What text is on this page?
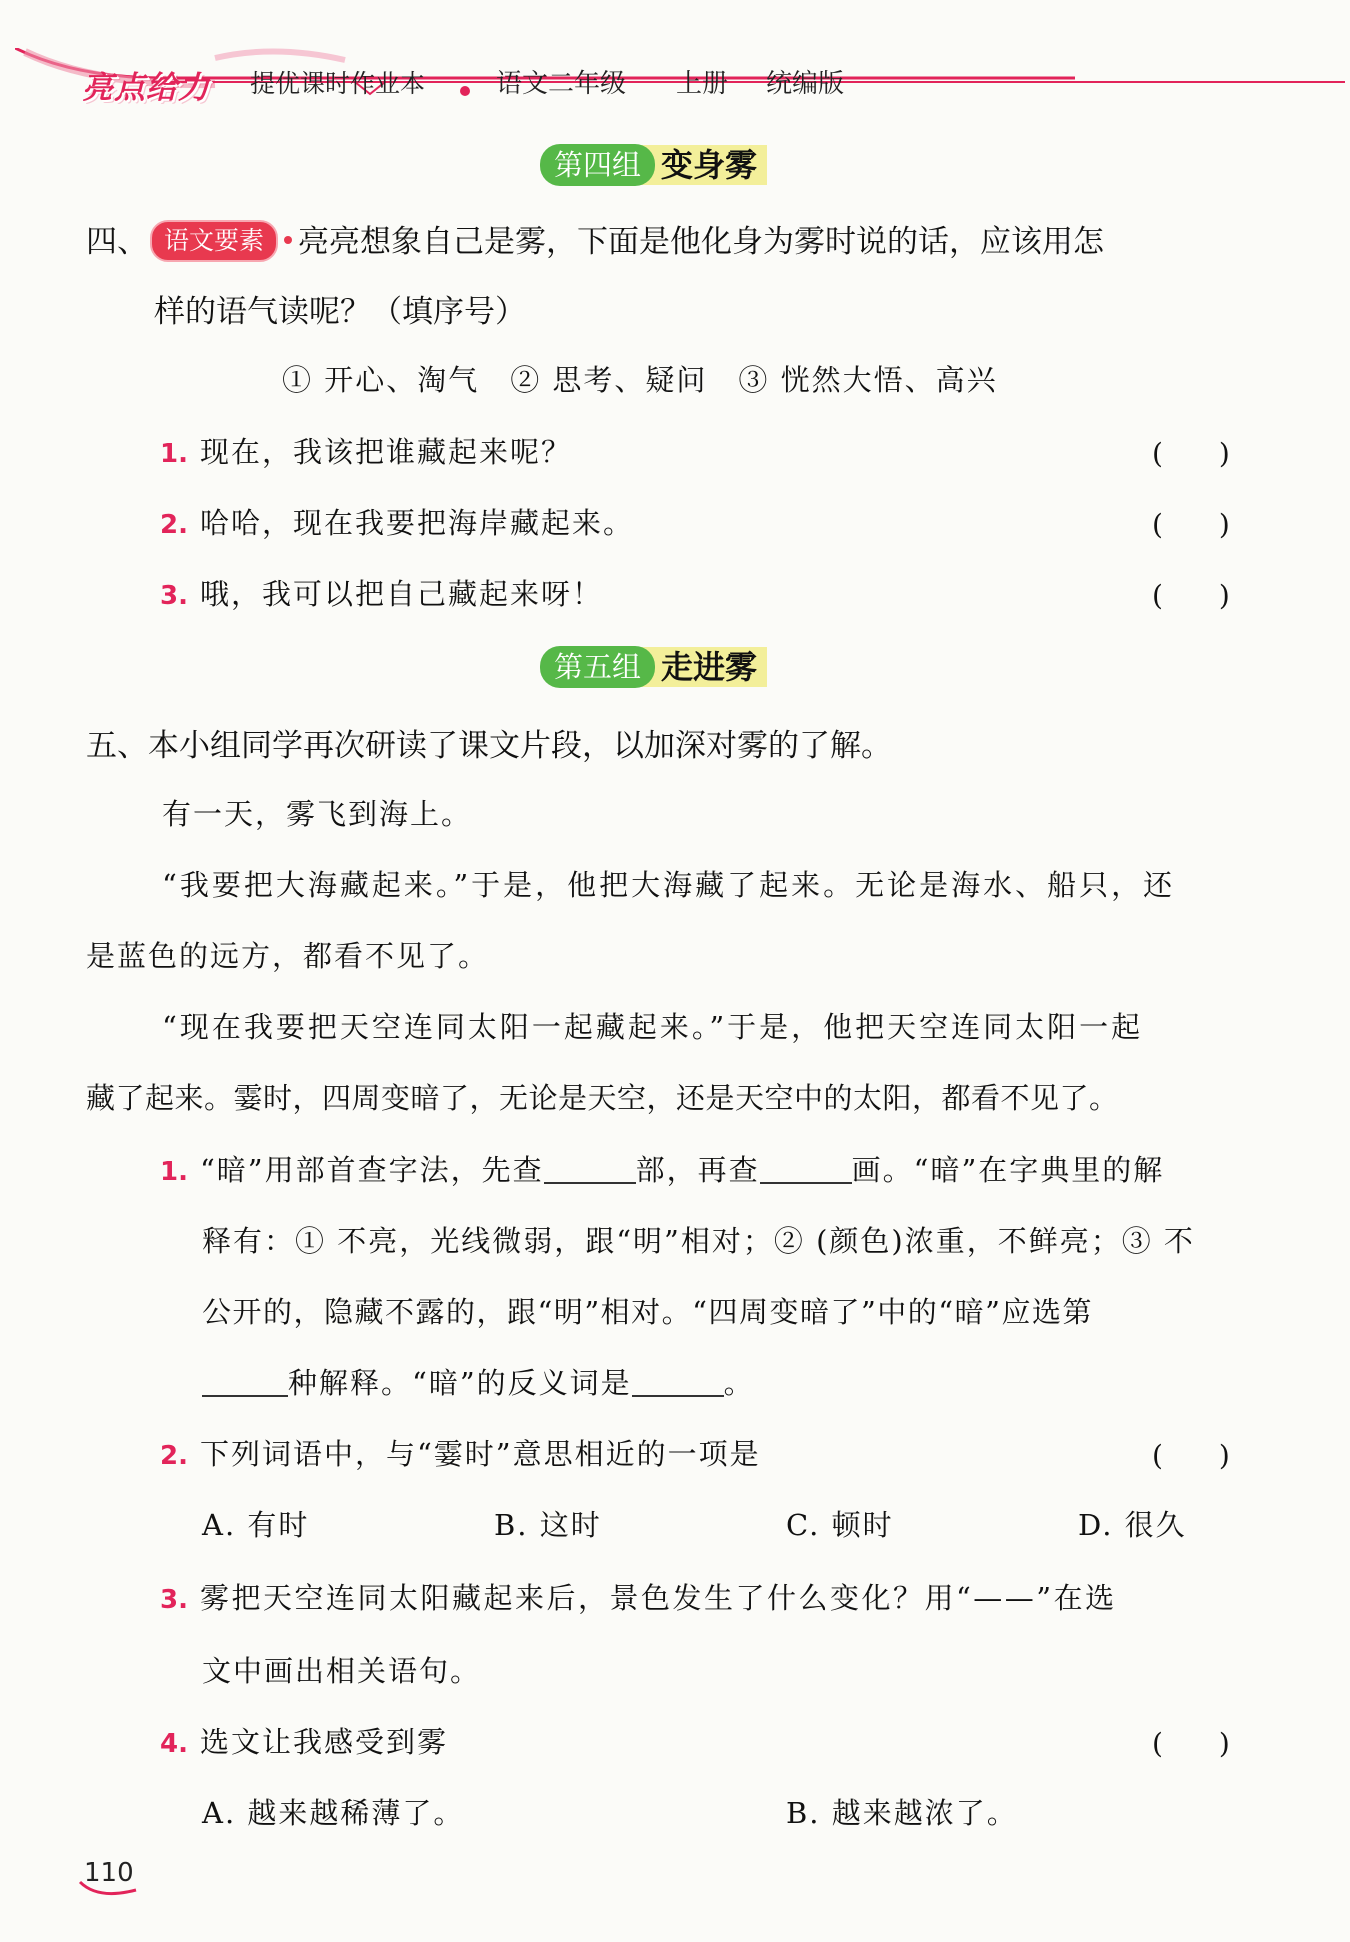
亮点给力 提优课时作业本	语文二年级 上册 统编版
第四组 变身雾
四、 语文要素 亮亮想象自己是雾，下面是他化身为雾时说的话，应该用怎
样的语气读呢？（填序号）
① 开心、淘气　② 思考、疑问　③ 恍然大悟、高兴
1. 现在，我该把谁藏起来呢？	(　　)
2. 哈哈，现在我要把海岸藏起来。	(　　)
3. 哦，我可以把自己藏起来呀！	(　　)
第五组 走进雾
五、本小组同学再次研读了课文片段，以加深对雾的了解。
有一天，雾飞到海上。
“我要把大海藏起来。”于是，他把大海藏了起来。无论是海水、船只，还
是蓝色的远方，都看不见了。
“现在我要把天空连同太阳一起藏起来。”于是，他把天空连同太阳一起
藏了起来。霎时，四周变暗了，无论是天空，还是天空中的太阳，都看不见了。
1. “暗”用部首查字法，先查	部，再查	画。“暗”在字典里的解
释有：① 不亮，光线微弱，跟“明”相对；② (颜色)浓重，不鲜亮；③ 不
公开的，隐藏不露的，跟“明”相对。“四周变暗了”中的“暗”应选第
种解释。“暗”的反义词是	。
2. 下列词语中，与“霎时”意思相近的一项是	(　　)
A. 有时	B. 这时	C. 顿时	D. 很久
3. 雾把天空连同太阳藏起来后，景色发生了什么变化？用“——”在选
文中画出相关语句。
4. 选文让我感受到雾	(　　)
A. 越来越稀薄了。	B. 越来越浓了。
110
